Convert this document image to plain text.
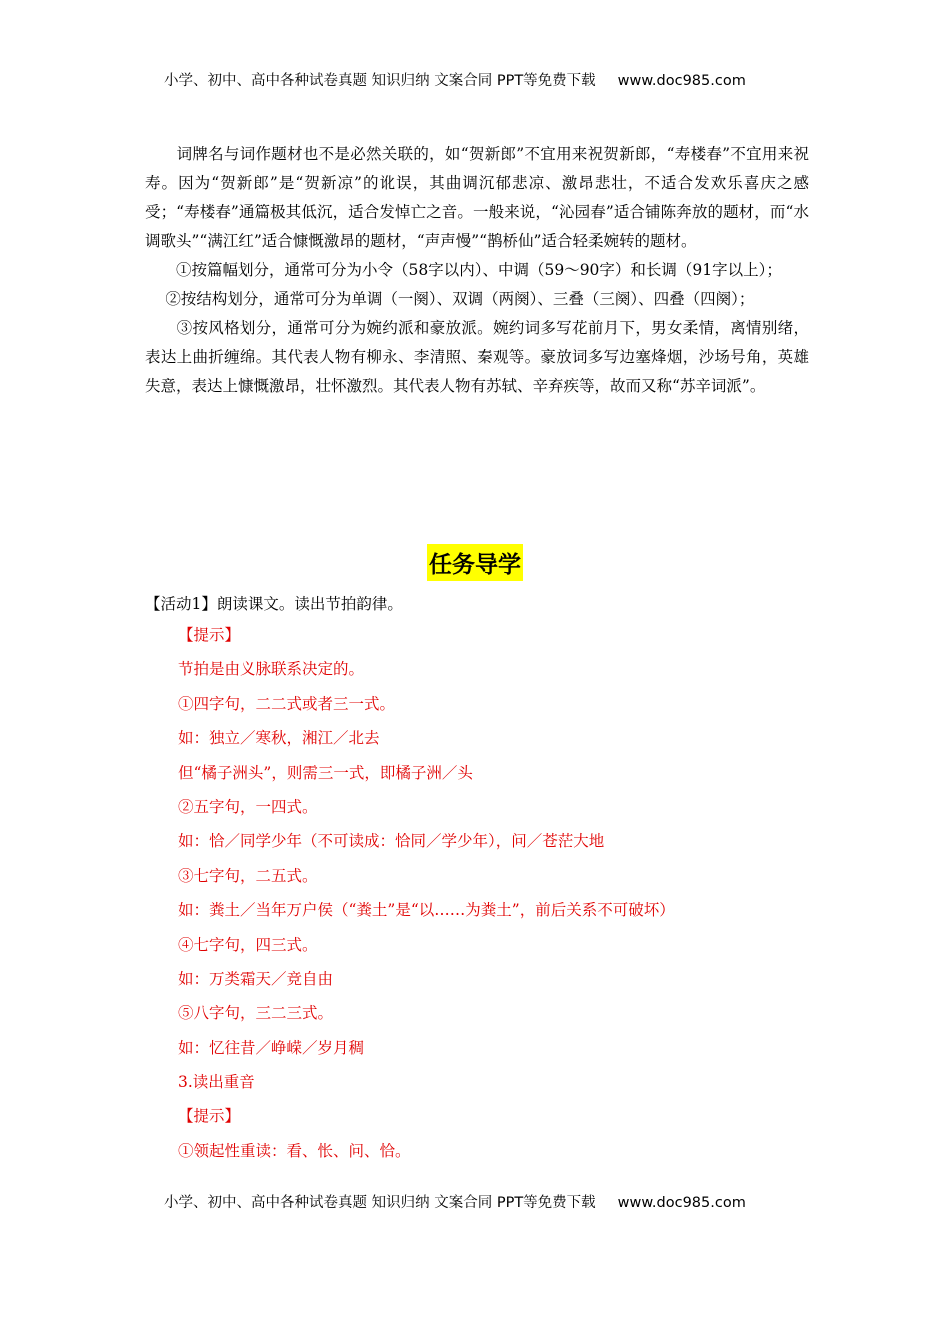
小学、初中、高中各种试卷真题 知识归纳 文案合同 PPT等免费下载 www.doc985.com

　　词牌名与词作题材也不是必然关联的，如“贺新郎”不宜用来祝贺新郎，“寿楼春”不宜用来祝寿。因为“贺新郎”是“贺新凉”的讹误，其曲调沉郁悲凉、激昂悲壮，不适合发欢乐喜庆之感受；“寿楼春”通篇极其低沉，适合发悼亡之音。一般来说，“沁园春”适合铺陈奔放的题材，而“水调歌头”“满江红”适合慷慨激昂的题材，“声声慢”“鹊桥仙”适合轻柔婉转的题材。

　　①按篇幅划分，通常可分为小令（58字以内）、中调（59～90字）和长调（91字以上）；

　 ②按结构划分，通常可分为单调（一阕）、双调（两阕）、三叠（三阕）、四叠（四阕）；

　　③按风格划分，通常可分为婉约派和豪放派。婉约词多写花前月下，男女柔情，离情别绪，表达上曲折缠绵。其代表人物有柳永、李清照、秦观等。豪放词多写边塞烽烟，沙场号角，英雄失意，表达上慷慨激昂，壮怀激烈。其代表人物有苏轼、辛弃疾等，故而又称“苏辛词派”。

任务导学
【活动1】朗读课文。读出节拍韵律。
【提示】
节拍是由义脉联系决定的。
①四字句，二二式或者三一式。
如：独立／寒秋，湘江／北去
但“橘子洲头”，则需三一式，即橘子洲／头
②五字句，一四式。
如：恰／同学少年（不可读成：恰同／学少年），问／苍茫大地
③七字句，二五式。
如：粪土／当年万户侯（“粪土”是“以……为粪土”，前后关系不可破坏）
④七字句，四三式。
如：万类霜天／竞自由
⑤八字句，三二三式。
如：忆往昔／峥嵘／岁月稠
3.读出重音
【提示】
①领起性重读：看、怅、问、恰。
小学、初中、高中各种试卷真题 知识归纳 文案合同 PPT等免费下载 www.doc985.com
